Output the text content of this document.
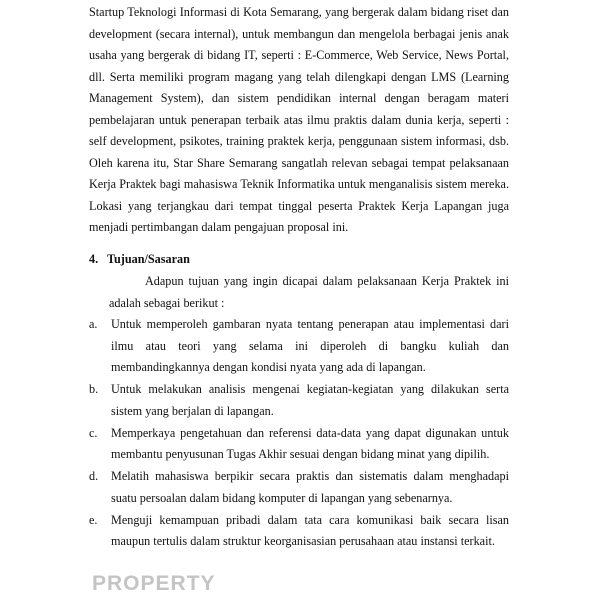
Startup Teknologi Informasi di Kota Semarang, yang bergerak dalam bidang riset dan development (secara internal), untuk membangun dan mengelola berbagai jenis anak usaha yang bergerak di bidang IT, seperti : E-Commerce, Web Service, News Portal, dll. Serta memiliki program magang yang telah dilengkapi dengan LMS (Learning Management System), dan sistem pendidikan internal dengan beragam materi pembelajaran untuk penerapan terbaik atas ilmu praktis dalam dunia kerja, seperti : self development, psikotes, training praktek kerja, penggunaan sistem informasi, dsb. Oleh karena itu, Star Share Semarang sangatlah relevan sebagai tempat pelaksanaan Kerja Praktek bagi mahasiswa Teknik Informatika untuk menganalisis sistem mereka. Lokasi yang terjangkau dari tempat tinggal peserta Praktek Kerja Lapangan juga menjadi pertimbangan dalam pengajuan proposal ini.

4. Tujuan/Sasaran

Adapun tujuan yang ingin dicapai dalam pelaksanaan Kerja Praktek ini adalah sebagai berikut :

a.	Untuk memperoleh gambaran nyata tentang penerapan atau implementasi dari ilmu atau teori yang selama ini diperoleh di bangku kuliah dan membandingkannya dengan kondisi nyata yang ada di lapangan.
b.	Untuk melakukan analisis mengenai kegiatan-kegiatan yang dilakukan serta sistem yang berjalan di lapangan.
c.	Memperkaya pengetahuan dan referensi data-data yang dapat digunakan untuk membantu penyusunan Tugas Akhir sesuai dengan bidang minat yang dipilih.
d.	Melatih mahasiswa berpikir secara praktis dan sistematis dalam menghadapi suatu persoalan dalam bidang komputer di lapangan yang sebenarnya.
e.	Menguji kemampuan pribadi dalam tata cara komunikasi baik secara lisan maupun tertulis dalam struktur keorganisasian perusahaan atau instansi terkait.
PROPERTY
